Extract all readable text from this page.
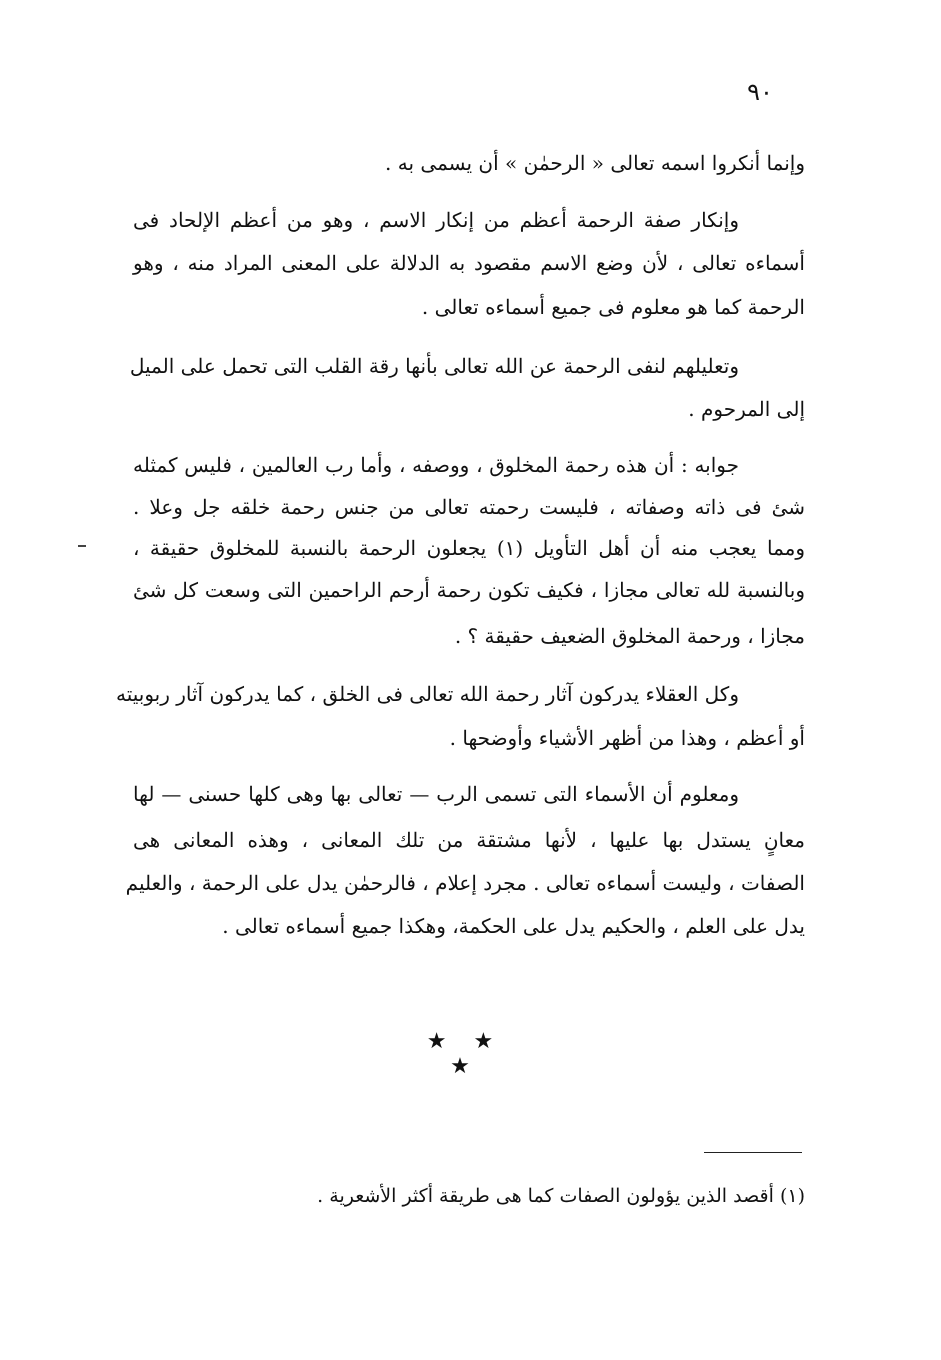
٩٠
وإنما أنكروا اسمه تعالى « الرحمٰن » أن يسمى به .
وإنكار صفة الرحمة أعظم من إنكار الاسم ، وهو من أعظم الإلحاد فى
أسماءه تعالى ، لأن وضع الاسم مقصود به الدلالة على المعنى المراد منه ، وهو
الرحمة كما هو معلوم فى جميع أسماءه تعالى .
وتعليلهم لنفى الرحمة عن الله تعالى بأنها رقة القلب التى تحمل على الميل
إلى المرحوم .
جوابه : أن هذه رحمة المخلوق ، ووصفه ، وأما رب العالمين ، فليس كمثله
شئ فى ذاته وصفاته ، فليست رحمته تعالى من جنس رحمة خلقه جل وعلا .
ومما يعجب منه أن أهل التأويل (١) يجعلون الرحمة بالنسبة للمخلوق حقيقة ،
وبالنسبة لله تعالى مجازا ، فكيف تكون رحمة أرحم الراحمين التى وسعت كل شئ
مجازا ، ورحمة المخلوق الضعيف حقيقة ؟ .
وكل العقلاء يدركون آثار رحمة الله تعالى فى الخلق ، كما يدركون آثار ربوبيته
أو أعظم ، وهذا من أظهر الأشياء وأوضحها .
ومعلوم أن الأسماء التى تسمى الرب — تعالى بها وهى كلها حسنى — لها
معانٍ يستدل بها عليها ، لأنها مشتقة من تلك المعانى ، وهذه المعانى هى
الصفات ، وليست أسماءه تعالى . مجرد إعلام ، فالرحمٰن يدل على الرحمة ، والعليم
يدل على العلم ، والحكيم يدل على الحكمة، وهكذا جميع أسماءه تعالى .
★ ★ ★
(١) أقصد الذين يؤولون الصفات كما هى طريقة أكثر الأشعرية .
